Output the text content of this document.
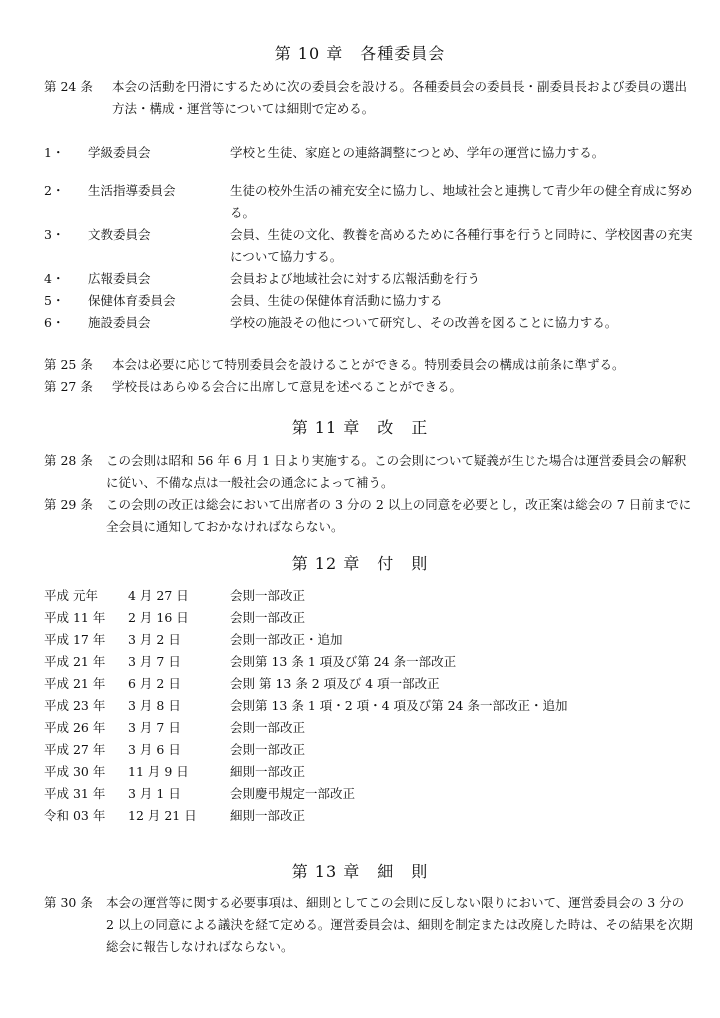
第 10 章　各種委員会
第 24 条	本会の活動を円滑にするために次の委員会を設ける。各種委員会の委員長・副委員長および委員の選出方法・構成・運営等については細則で定める。
1・	学級委員会	学校と生徒、家庭との連絡調整につとめ、学年の運営に協力する。
2・	生活指導委員会	生徒の校外生活の補充安全に協力し、地域社会と連携して青少年の健全育成に努める。
3・	文教委員会	会員、生徒の文化、教養を高めるために各種行事を行うと同時に、学校図書の充実について協力する。
4・	広報委員会	会員および地域社会に対する広報活動を行う
5・	保健体育委員会	会員、生徒の保健体育活動に協力する
6・	施設委員会	学校の施設その他について研究し、その改善を図ることに協力する。
第 25 条	本会は必要に応じて特別委員会を設けることができる。特別委員会の構成は前条に準ずる。
第 27 条	学校長はあらゆる会合に出席して意見を述べることができる。
第 11 章　改　正
第 28 条	この会則は昭和 56 年 6 月 1 日より実施する。この会則について疑義が生じた場合は運営委員会の解釈に従い、不備な点は一般社会の通念によって補う。
第 29 条	この会則の改正は総会において出席者の 3 分の 2 以上の同意を必要とし，改正案は総会の 7 日前までに全会員に通知しておかなければならない。
第 12 章　付　則
平成 元年	4 月 27 日	会則一部改正
平成 11 年	2 月 16 日	会則一部改正
平成 17 年	3 月 2 日	会則一部改正・追加
平成 21 年	3 月 7 日	会則第 13 条 1 項及び第 24 条一部改正
平成 21 年	6 月 2 日	会則 第 13 条 2 項及び 4 項一部改正
平成 23 年	3 月 8 日	会則第 13 条 1 項・2 項・4 項及び第 24 条一部改正・追加
平成 26 年	3 月 7 日	会則一部改正
平成 27 年	3 月 6 日	会則一部改正
平成 30 年	11 月 9 日	細則一部改正
平成 31 年	3 月 1 日	会則慶弔規定一部改正
令和 03 年	12 月 21 日	細則一部改正
第 13 章　細　則
第 30 条	本会の運営等に関する必要事項は、細則としてこの会則に反しない限りにおいて、運営委員会の 3 分の 2 以上の同意による議決を経て定める。運営委員会は、細則を制定または改廃した時は、その結果を次期総会に報告しなければならない。
